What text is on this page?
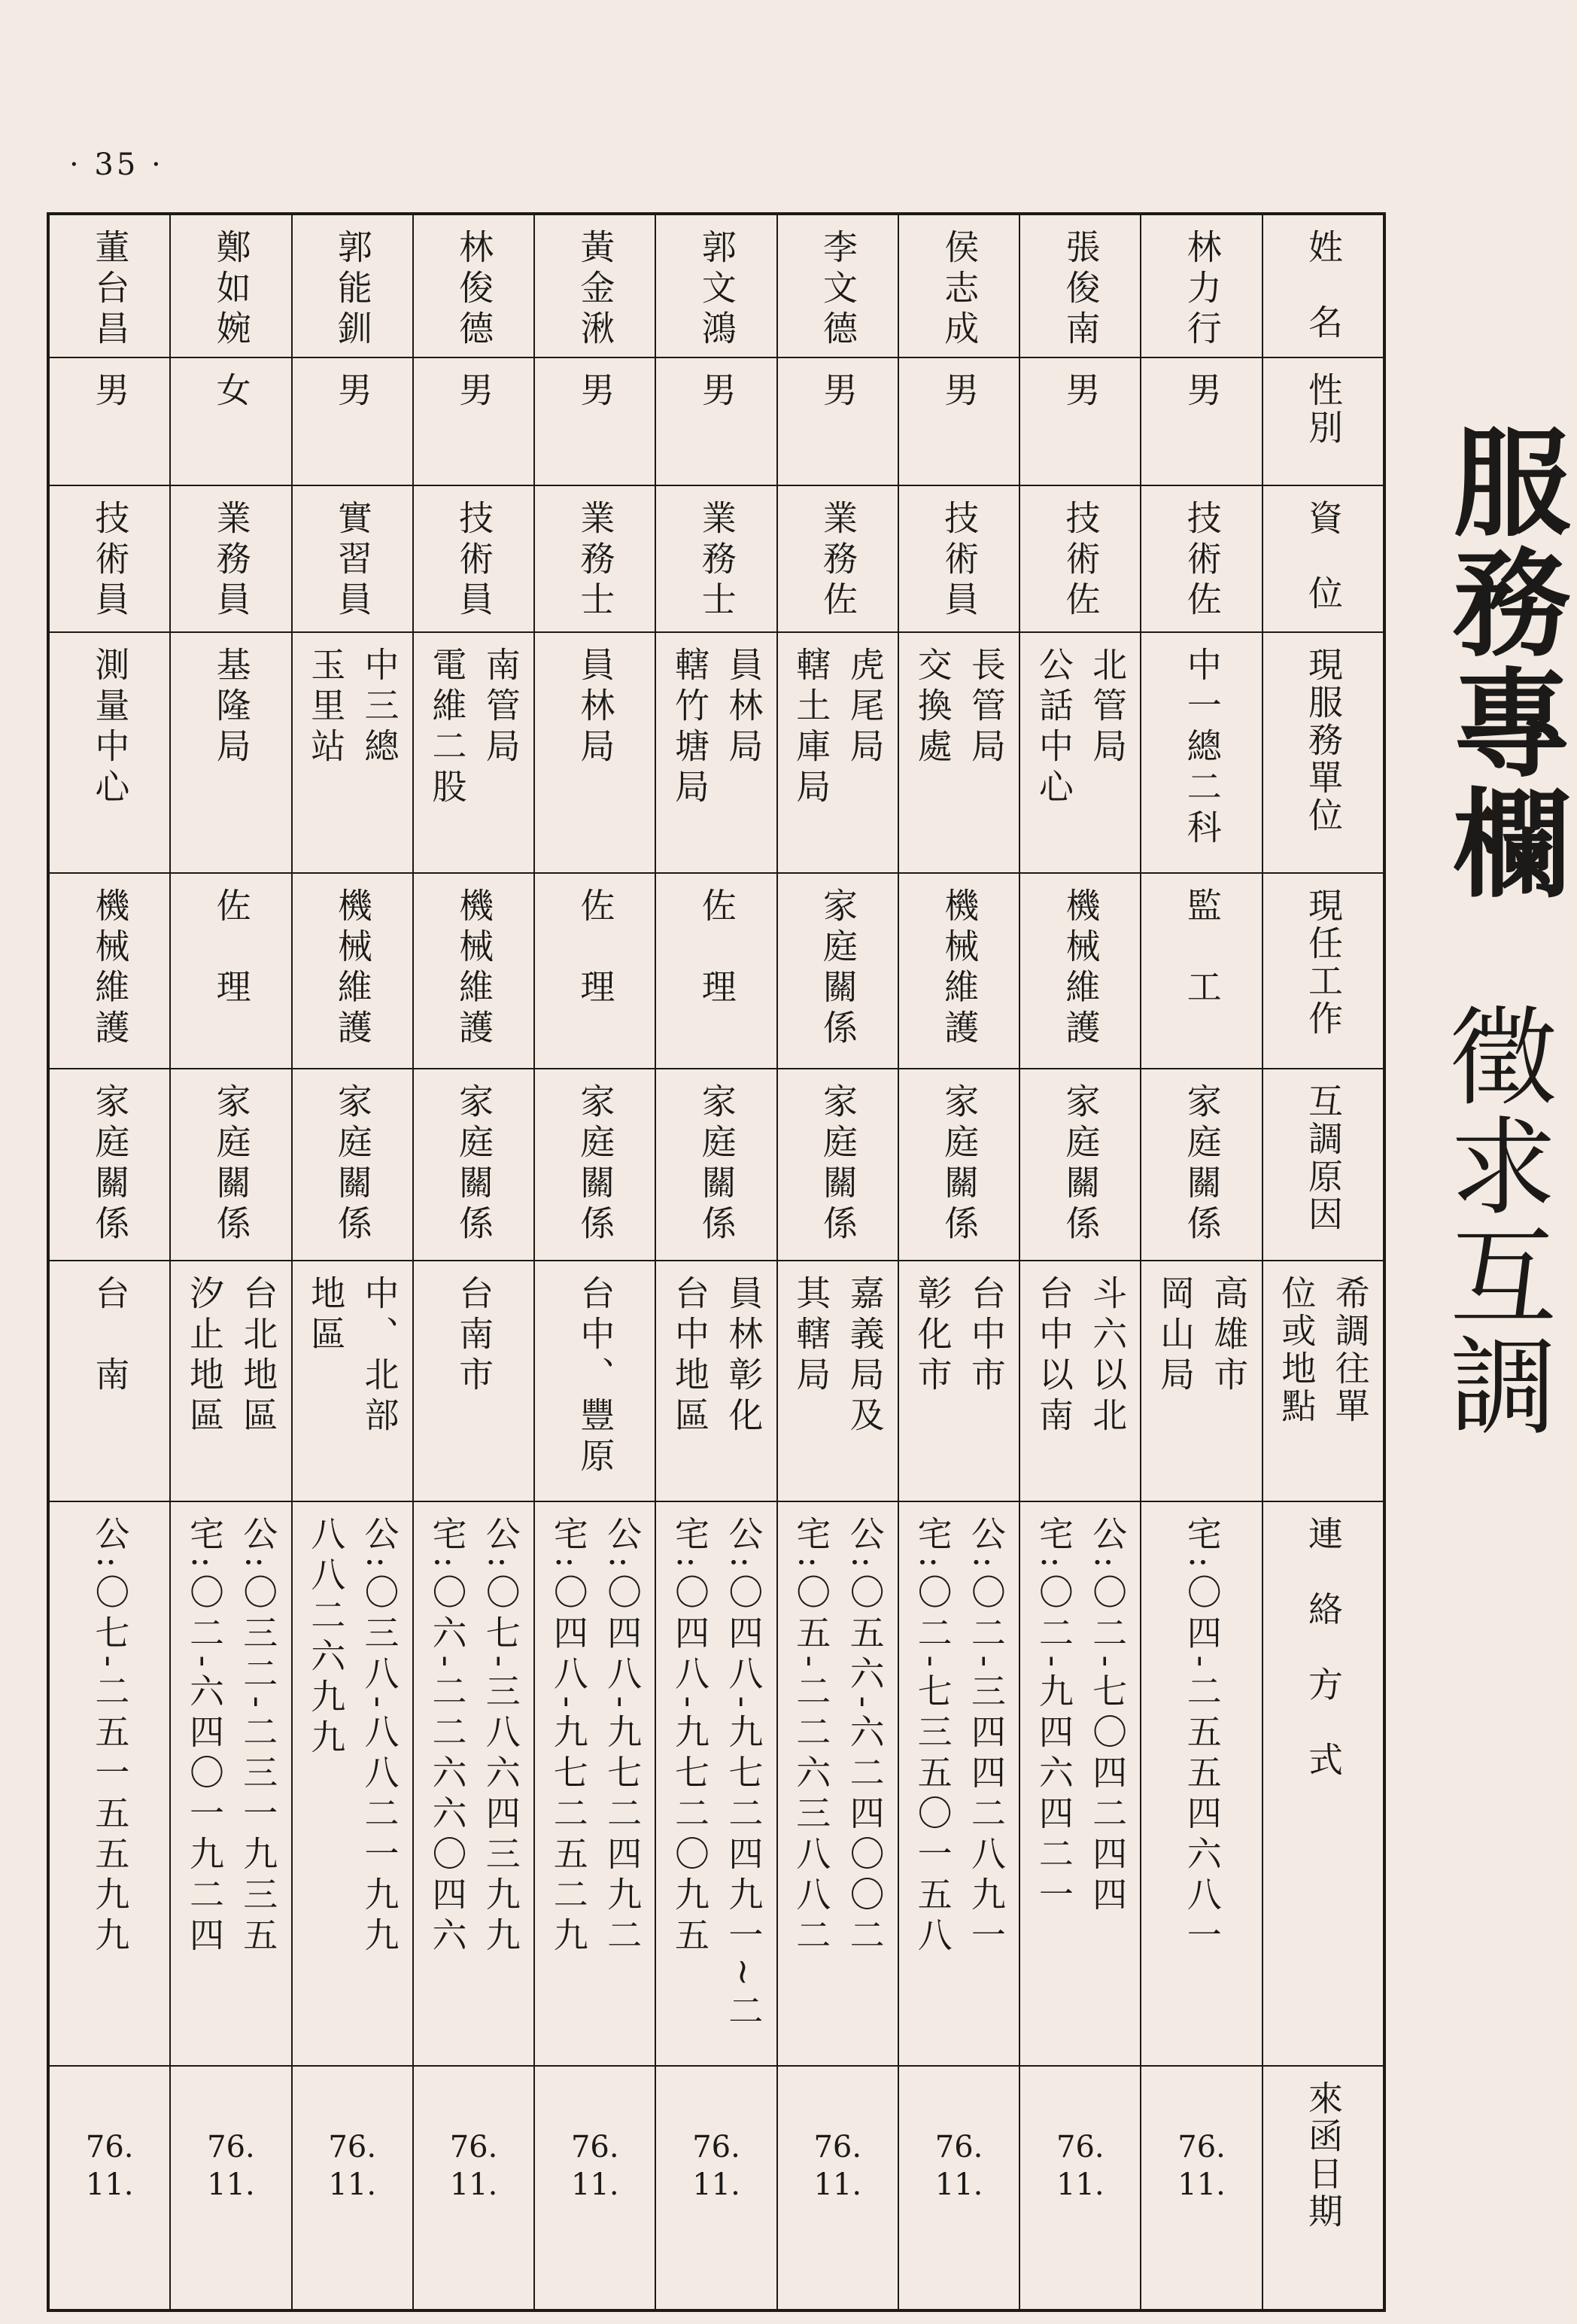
· 35 ·
服務專欄
徵求互調
姓　名
性別
資　位
現服務單位
現任工作
互調原因
希調往單
位或地點
連　絡　方　式
來函日期
林力行
男
技術佐
中一總二科
監　工
家庭關係
高雄市
岡山局
宅:〇四-二五五四六八一
76.
11.
張俊南
男
技術佐
北管局
公話中心
機械維護
家庭關係
斗六以北
台中以南
公:〇二-七〇四二四四
宅:〇二-九四六四二一
76.
11.
侯志成
男
技術員
長管局
交換處
機械維護
家庭關係
台中市
彰化市
公:〇二-三四四二八九一
宅:〇二-七三五〇一五八
76.
11.
李文德
男
業務佐
虎尾局
轄土庫局
家庭關係
家庭關係
嘉義局及
其轄局
公:〇五六-六二四〇〇二
宅:〇五-二二六三八八二
76.
11.
郭文鴻
男
業務士
員林局
轄竹塘局
佐　理
家庭關係
員林彰化
台中地區
公:〇四八-九七二四九一~二
宅:〇四八-九七二〇九五
76.
11.
黃金湫
男
業務士
員林局
佐　理
家庭關係
台中、豐原
公:〇四八-九七二四九二
宅:〇四八-九七二五二九
76.
11.
林俊德
男
技術員
南管局
電維二股
機械維護
家庭關係
台南市
公:〇七-三八六四三九九
宅:〇六-二二六六〇四六
76.
11.
郭能釧
男
實習員
中三總
玉里站
機械維護
家庭關係
中、北部
地區
公:〇三八-八八二一九九
八八二六九九
76.
11.
鄭如婉
女
業務員
基隆局
佐　理
家庭關係
台北地區
汐止地區
公:〇三二-二三一九三五
宅:〇二-六四〇一九二四
76.
11.
董台昌
男
技術員
測量中心
機械維護
家庭關係
台　南
公:〇七-二五一五五九九
76.
11.
